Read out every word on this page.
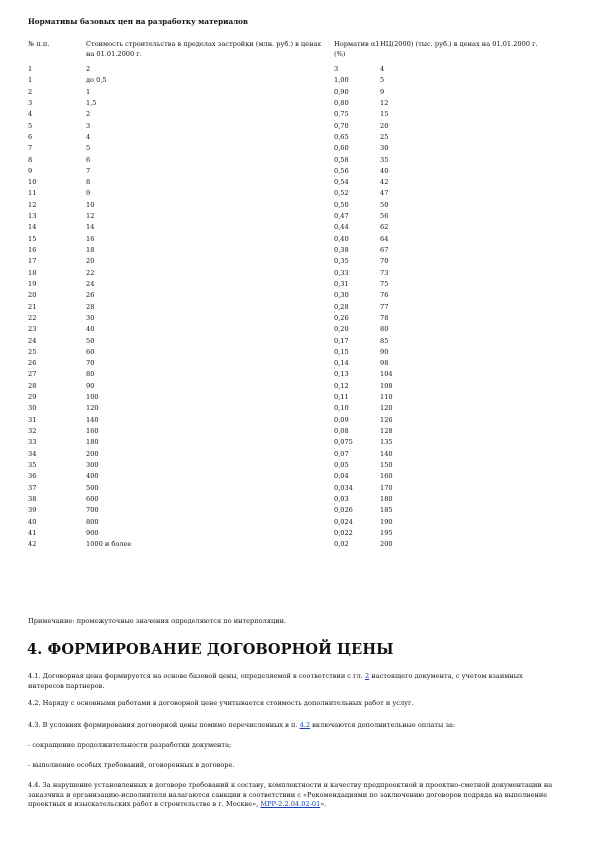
Нормативы базовых цен на разработку материалов
№ п.п.	Стоимость строительства в пределах застройки (млн. руб.) в ценах на 01.01.2000 г.	Норматив α1 (%)	НЦ(2000) (тыс. руб.) в ценах на 01.01.2000 г.
1	2	3	4
1	до 0,5	1,00	5
2	1	0,90	9
3	1,5	0,80	12
4	2	0,75	15
5	3	0,70	20
6	4	0,65	25
7	5	0,60	30
8	6	0,58	35
9	7	0,56	40
10	8	0,54	42
11	9	0,52	47
12	10	0,50	50
13	12	0,47	56
14	14	0,44	62
15	16	0,40	64
16	18	0,38	67
17	20	0,35	70
18	22	0,33	73
19	24	0,31	75
20	26	0,30	76
21	28	0,28	77
22	30	0,26	78
23	40	0,20	80
24	50	0,17	85
25	60	0,15	90
26	70	0,14	98
27	80	0,13	104
28	90	0,12	108
29	100	0,11	110
30	120	0,10	120
31	140	0,09	126
32	160	0,08	128
33	180	0,075	135
34	200	0,07	140
35	300	0,05	150
36	400	0,04	160
37	500	0,034	170
38	600	0,03	180
39	700	0,026	185
40	800	0,024	190
41	900	0,022	195
42	1000 и более	0,02	200
Примечание: промежуточные значения определяются по интерполяции.
4. ФОРМИРОВАНИЕ ДОГОВОРНОЙ ЦЕНЫ
4.1. Договорная цена формируется на основе базовой цены, определяемой в соответствии с гл. 2 настоящего документа, с учетом взаимных интересов партнеров.
4.2. Наряду с основными работами в договорной цене учитывается стоимость дополнительных работ и услуг.
4.3. В условиях формирования договорной цены помимо перечисленных в п. 4.2 включаются дополнительные оплаты за:
- сокращение продолжительности разработки документа;
- выполнение особых требований, оговоренных в договоре.
4.4. За нарушение установленных в договоре требований к составу, комплектности и качеству предпроектной и проектно-сметной документации на заказчика и организацию-исполнителя налагаются санкции в соответствии с «Рекомендациями по заключению договоров подряда на выполнение проектных и изыскательских работ в строительстве в г. Москве», МРР-2.2.04.02-01».
